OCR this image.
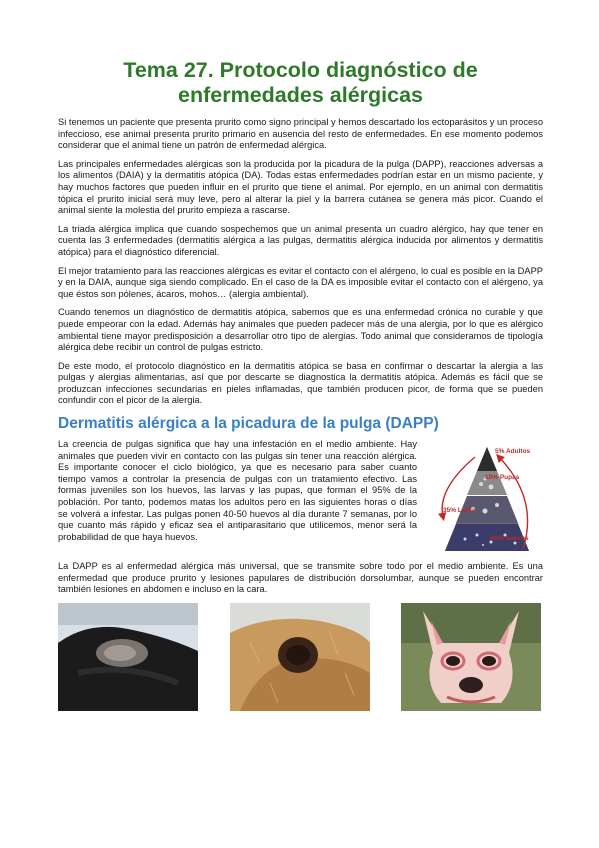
Tema 27. Protocolo diagnóstico de enfermedades alérgicas

Si tenemos un paciente que presenta prurito como signo principal y hemos descartado los ectoparásitos y un proceso infeccioso, ese animal presenta prurito primario en ausencia del resto de enfermedades. En ese momento podemos considerar que el animal tiene un patrón de enfermedad alérgica.

Las principales enfermedades alérgicas son la producida por la picadura de la pulga (DAPP), reacciones adversas a los alimentos (DAIA) y la dermatitis atópica (DA). Todas estas enfermedades podrían estar en un mismo paciente, y hay muchos factores que pueden influir en el prurito que tiene el animal. Por ejemplo, en un animal con dermatitis tópica el prurito inicial será muy leve, pero al alterar la piel y la barrera cutánea se genera más picor. Cuando el animal siente la molestia del prurito empieza a rascarse.

La triada alérgica implica que cuando sospechemos que un animal presenta un cuadro alérgico, hay que tener en cuenta las 3 enfermedades (dermatitis alérgica a las pulgas, dermatitis alérgica inducida por alimentos y dermatitis atópica) para el diagnóstico diferencial.

El mejor tratamiento para las reacciones alérgicas es evitar el contacto con el alérgeno, lo cual es posible en la DAPP y en la DAIA, aunque siga siendo complicado. En el caso de la DA es imposible evitar el contacto con el alérgeno, ya que éstos son pólenes, ácaros, mohos… (alergia ambiental).

Cuando tenemos un diagnóstico de dermatitis atópica, sabemos que es una enfermedad crónica no curable y que puede empeorar con la edad. Además hay animales que pueden padecer más de una alergia, por lo que es alérgico ambiental tiene mayor predisposición a desarrollar otro tipo de alergias. Todo animal que consideramos de tipología alérgica debe recibir un control de pulgas estricto.

De este modo, el protocolo diagnóstico en la dermatitis atópica se basa en confirmar o descartar la alergia a las pulgas y alergias alimentarias, así que por descarte se diagnostica la dermatitis atópica. Además es fácil que se produzcan infecciones secundarias en pieles inflamadas, que también producen picor, de forma que se pueden confundir con el picor de la alergia.

Dermatitis alérgica a la picadura de la pulga (DAPP)

La creencia de pulgas significa que hay una infestación en el medio ambiente. Hay animales que pueden vivir en contacto con las pulgas sin tener una reacción alérgica. Es importante conocer el ciclo biológico, ya que es necesario para saber cuanto tiempo vamos a controlar la presencia de pulgas con un tratamiento efectivo. Las formas juveniles son los huevos, las larvas y las pupas, que forman el 95% de la población. Por tanto, podemos matas los adultos pero en las siguientes horas o días se volverá a infestar. Las pulgas ponen 40-50 huevos al día durante 7 semanas, por lo que cuanto más rápido y eficaz sea el antiparasitario que utilicemos, menor será la probabilidad de que haya huevos.

5% Adultos
10% Pupas
35% Larva
50% huevos

La DAPP es al enfermedad alérgica más universal, que se transmite sobre todo por el medio ambiente. Es una enfermedad que produce prurito y lesiones papulares de distribución dorsolumbar, aunque se pueden encontrar también lesiones en abdomen e incluso en la cara.
